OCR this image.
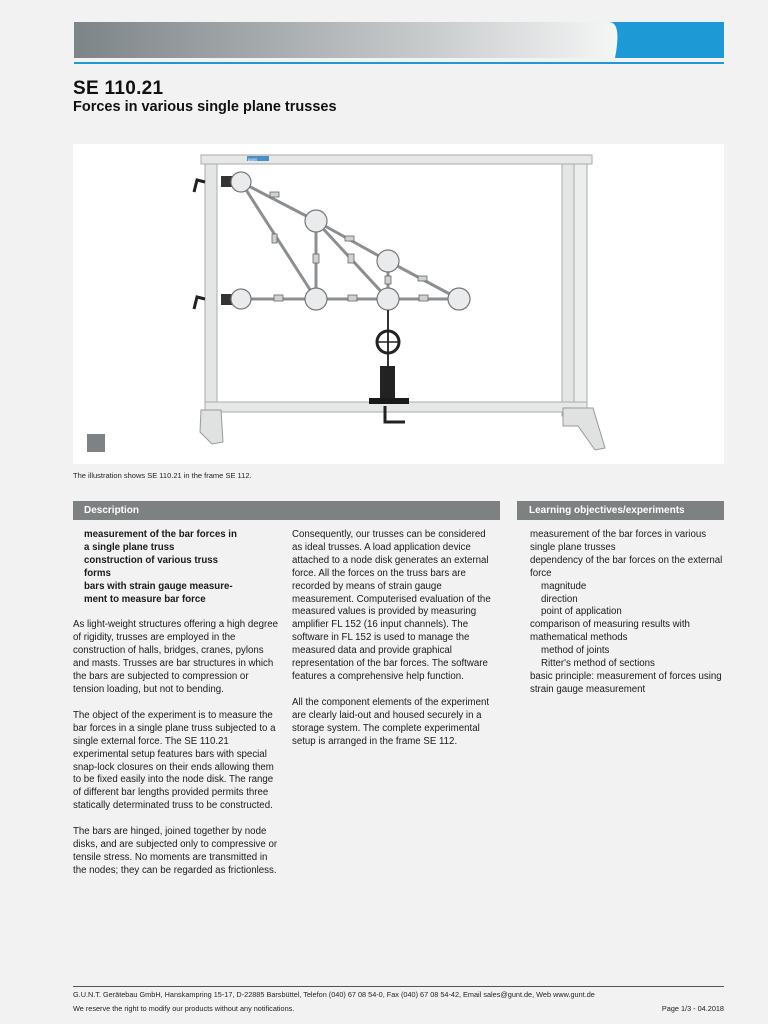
SE 110.21
Forces in various single plane trusses
gunt
The illustration shows SE 110.21 in the frame SE 112.
Description	Learning objectives/experiments
measurement of the bar forces in
a single plane truss
construction of various truss
forms
bars with strain gauge measure-
ment to measure bar force

As light-weight structures offering a high degree of rigidity, trusses are employed in the construction of halls, bridges, cranes, pylons and masts. Trusses are bar structures in which the bars are subjected to compression or tension loading, but not to bending.

The object of the experiment is to measure the bar forces in a single plane truss subjected to a single external force. The SE 110.21 experimental setup features bars with special snap-lock closures on their ends allowing them to be fixed easily into the node disk. The range of different bar lengths provided permits three statically determinated truss to be constructed.

The bars are hinged, joined together by node disks, and are subjected only to compressive or tensile stress. No moments are transmitted in the nodes; they can be regarded as frictionless.

Consequently, our trusses can be considered as ideal trusses. A load application device attached to a node disk generates an external force. All the forces on the truss bars are recorded by means of strain gauge measurement. Computerised evaluation of the measured values is provided by measuring amplifier FL 152 (16 input channels). The software in FL 152 is used to manage the measured data and provide graphical representation of the bar forces. The software features a comprehensive help function.

All the component elements of the experiment are clearly laid-out and housed securely in a storage system. The complete experimental setup is arranged in the frame SE 112.

measurement of the bar forces in various single plane trusses
dependency of the bar forces on the external force
magnitude
direction
point of application
comparison of measuring results with mathematical methods
method of joints
Ritter's method of sections
basic principle: measurement of forces using strain gauge measurement
G.U.N.T. Gerätebau GmbH, Hanskampring 15-17, D-22885 Barsbüttel, Telefon (040) 67 08 54-0, Fax (040) 67 08 54-42, Email sales@gunt.de, Web www.gunt.de
We reserve the right to modify our products without any notifications.	Page 1/3 - 04.2018
